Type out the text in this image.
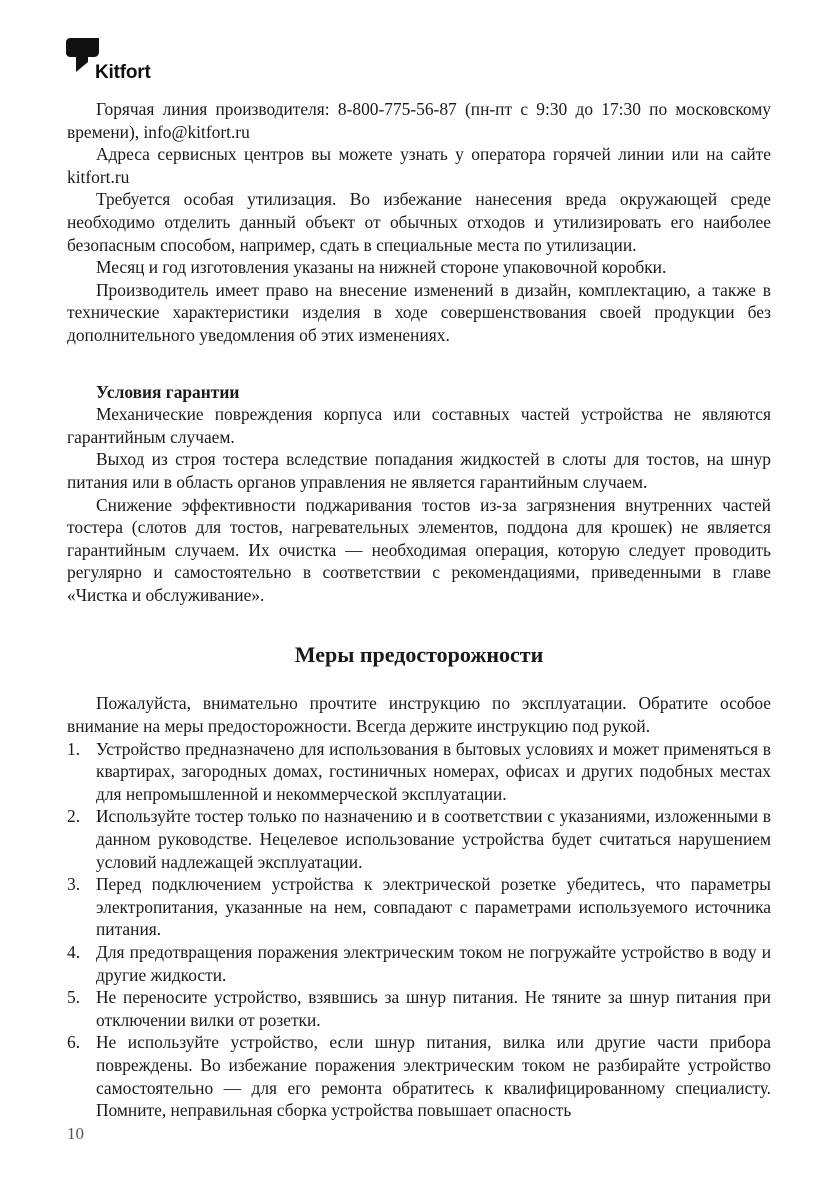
Kitfort

Горячая линия производителя: 8-800-775-56-87 (пн-пт с 9:30 до 17:30 по московскому времени), info@kitfort.ru

Адреса сервисных центров вы можете узнать у оператора горячей линии или на сайте kitfort.ru

Требуется особая утилизация. Во избежание нанесения вреда окружающей среде необходимо отделить данный объект от обычных отходов и утилизировать его наиболее безопасным способом, например, сдать в специальные места по утилизации.

Месяц и год изготовления указаны на нижней стороне упаковочной коробки.

Производитель имеет право на внесение изменений в дизайн, комплектацию, а также в технические характеристики изделия в ходе совершенствования своей продукции без дополнительного уведомления об этих изменениях.

Условия гарантии

Механические повреждения корпуса или составных частей устройства не являются гарантийным случаем.

Выход из строя тостера вследствие попадания жидкостей в слоты для тостов, на шнур питания или в область органов управления не является гарантийным случаем.

Снижение эффективности поджаривания тостов из-за загрязнения внутренних частей тостера (слотов для тостов, нагревательных элементов, поддона для крошек) не является гарантийным случаем. Их очистка — необходимая операция, которую следует проводить регулярно и самостоятельно в соответствии с рекомендациями, приведенными в главе «Чистка и обслуживание».

Меры предосторожности

Пожалуйста, внимательно прочтите инструкцию по эксплуатации. Обратите особое внимание на меры предосторожности. Всегда держите инструкцию под рукой.

1. Устройство предназначено для использования в бытовых условиях и может применяться в квартирах, загородных домах, гостиничных номерах, офисах и других подобных местах для непромышленной и некоммерческой эксплуатации.
2. Используйте тостер только по назначению и в соответствии с указаниями, изложенными в данном руководстве. Нецелевое использование устройства будет считаться нарушением условий надлежащей эксплуатации.
3. Перед подключением устройства к электрической розетке убедитесь, что параметры электропитания, указанные на нем, совпадают с параметрами используемого источника питания.
4. Для предотвращения поражения электрическим током не погружайте устройство в воду и другие жидкости.
5. Не переносите устройство, взявшись за шнур питания. Не тяните за шнур питания при отключении вилки от розетки.
6. Не используйте устройство, если шнур питания, вилка или другие части прибора повреждены. Во избежание поражения электрическим током не разбирайте устройство самостоятельно — для его ремонта обратитесь к квалифицированному специалисту. Помните, неправильная сборка устройства повышает опасность
10
